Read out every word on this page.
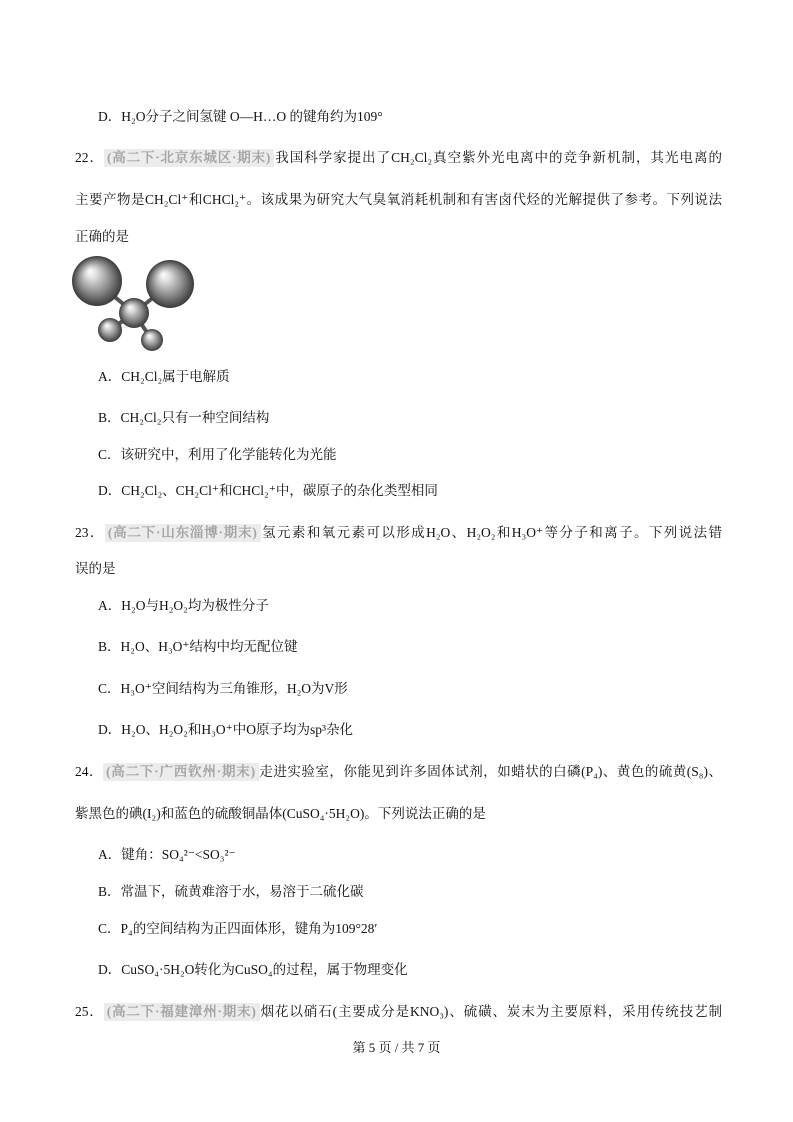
D．H₂O分子之间氢键 O—H…O 的键角约为109°
22． (高二下·北京东城区·期末) 我国科学家提出了CH₂Cl₂真空紫外光电离中的竞争新机制，其光电离的
主要产物是CH₂Cl⁺和CHCl₂⁺。该成果为研究大气臭氧消耗机制和有害卤代烃的光解提供了参考。下列说法
正确的是
A．CH₂Cl₂属于电解质
B．CH₂Cl₂只有一种空间结构
C．该研究中，利用了化学能转化为光能
D．CH₂Cl₂、CH₂Cl⁺和CHCl₂⁺中，碳原子的杂化类型相同
23． (高二下·山东淄博·期末) 氢元素和氧元素可以形成H₂O、H₂O₂和H₃O⁺等分子和离子。下列说法错
误的是
A．H₂O与H₂O₂均为极性分子
B．H₂O、H₃O⁺结构中均无配位键
C．H₃O⁺空间结构为三角锥形，H₂O为V形
D．H₂O、H₂O₂和H₃O⁺中O原子均为sp³杂化
24． (高二下·广西钦州·期末) 走进实验室，你能见到许多固体试剂，如蜡状的白磷(P₄)、黄色的硫黄(S₈)、
紫黑色的碘(I₂)和蓝色的硫酸铜晶体(CuSO₄·5H₂O)。下列说法正确的是
A．键角：SO₄²⁻<SO₃²⁻
B．常温下，硫黄难溶于水，易溶于二硫化碳
C．P₄的空间结构为正四面体形，键角为109°28′
D．CuSO₄·5H₂O转化为CuSO₄的过程，属于物理变化
25． (高二下·福建漳州·期末) 烟花以硝石(主要成分是KNO₃)、硫磺、炭末为主要原料，采用传统技艺制
第 5 页 / 共 7 页
